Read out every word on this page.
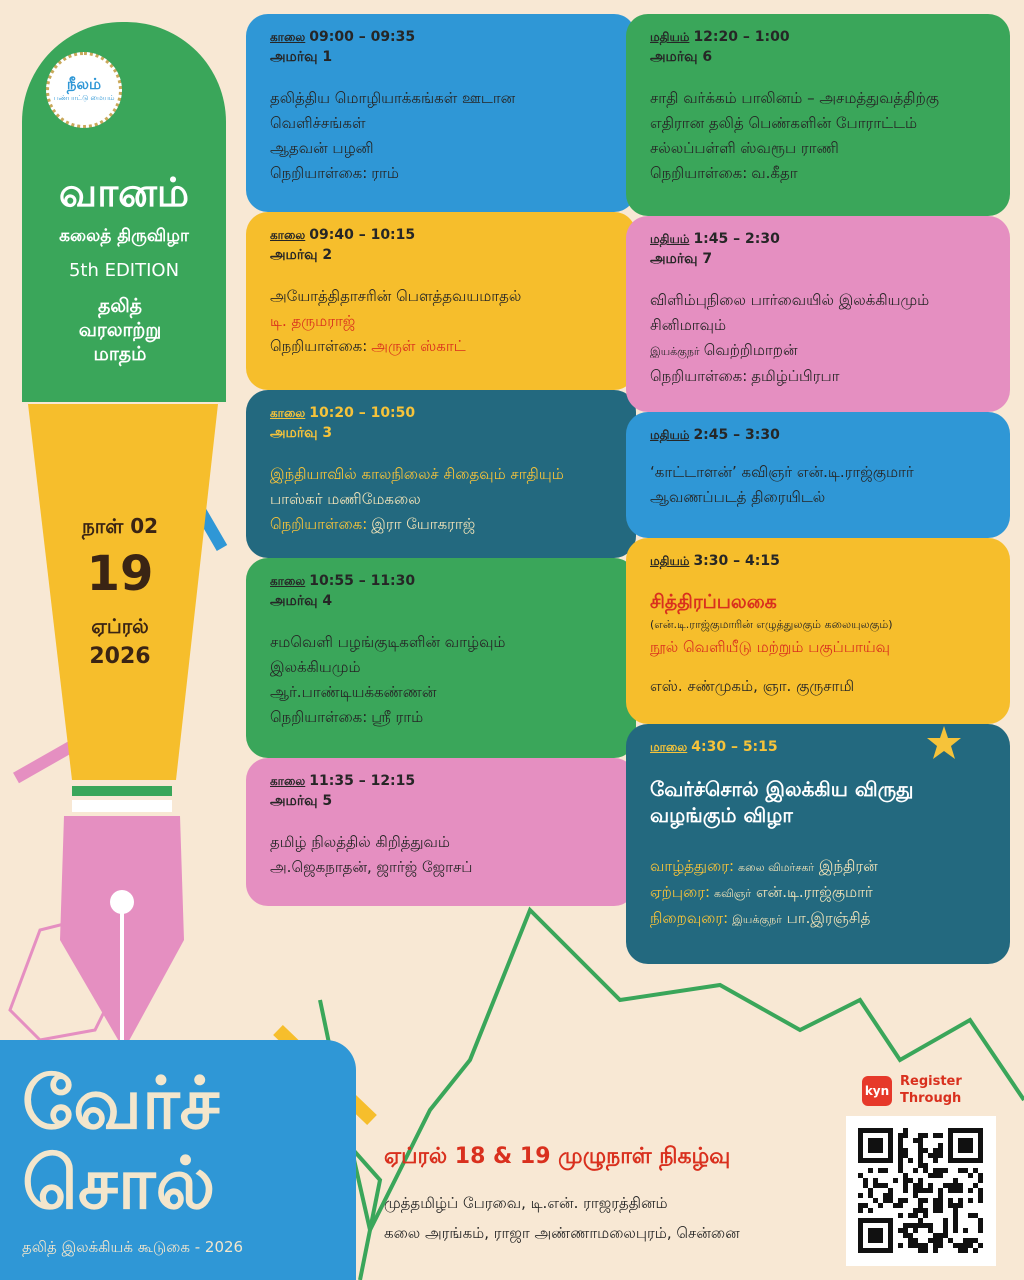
நீலம்
பண்பாட்டு மையம்
வானம்
கலைத் திருவிழா
5th EDITION
தலித் வரலாற்று மாதம்
நாள் 02
19
ஏப்ரல்
2026
காலை 09:00 – 09:35
அமர்வு 1
தலித்திய மொழியாக்கங்கள் ஊடான
வெளிச்சங்கள்
ஆதவன் பழனி
நெறியாள்கை: ராம்
காலை 09:40 – 10:15
அமர்வு 2
அயோத்திதாசரின் பௌத்தவயமாதல்
டி. தருமராஜ்
நெறியாள்கை: அருள் ஸ்காட்
காலை 10:20 – 10:50
அமர்வு 3
இந்தியாவில் காலநிலைச் சிதைவும் சாதியும்
பாஸ்கர் மணிமேகலை
நெறியாள்கை: இரா யோகராஜ்
காலை 10:55 – 11:30
அமர்வு 4
சமவெளி பழங்குடிகளின் வாழ்வும்
இலக்கியமும்
ஆர்.பாண்டியக்கண்ணன்
நெறியாள்கை: ஸ்ரீ ராம்
காலை 11:35 – 12:15
அமர்வு 5
தமிழ் நிலத்தில் கிறித்துவம்
அ.ஜெகநாதன், ஜார்ஜ் ஜோசப்
மதியம் 12:20 – 1:00
அமர்வு 6
சாதி வர்க்கம் பாலினம் – அசமத்துவத்திற்கு
எதிரான தலித் பெண்களின் போராட்டம்
சல்லப்பள்ளி ஸ்வரூப ராணி
நெறியாள்கை: வ.கீதா
மதியம் 1:45 – 2:30
அமர்வு 7
விளிம்புநிலை பார்வையில் இலக்கியமும்
சினிமாவும்
இயக்குநர் வெற்றிமாறன்
நெறியாள்கை: தமிழ்ப்பிரபா
மதியம் 2:45 – 3:30
‘காட்டாளன்’ கவிஞர் என்.டி.ராஜ்குமார்
ஆவணப்படத் திரையிடல்
மதியம் 3:30 – 4:15
சித்திரப்பலகை
(என்.டி.ராஜ்குமாரின் எழுத்துலகும் கலையுலகும்)
நூல் வெளியீடு மற்றும் பகுப்பாய்வு
எஸ். சண்முகம், ஞா. குருசாமி
மாலை 4:30 – 5:15
வேர்ச்சொல் இலக்கிய விருது
வழங்கும் விழா
வாழ்த்துரை: கலை விமர்சகர் இந்திரன்
ஏற்புரை: கவிஞர் என்.டி.ராஜ்குமார்
நிறைவுரை: இயக்குநர் பா.இரஞ்சித்
வேர்ச்
சொல்
தலித் இலக்கியக் கூடுகை - 2026
ஏப்ரல் 18 & 19 முழுநாள் நிகழ்வு
முத்தமிழ்ப் பேரவை, டி.என். ராஜரத்தினம்
கலை அரங்கம், ராஜா அண்ணாமலைபுரம், சென்னை
kyn
Register
Through
